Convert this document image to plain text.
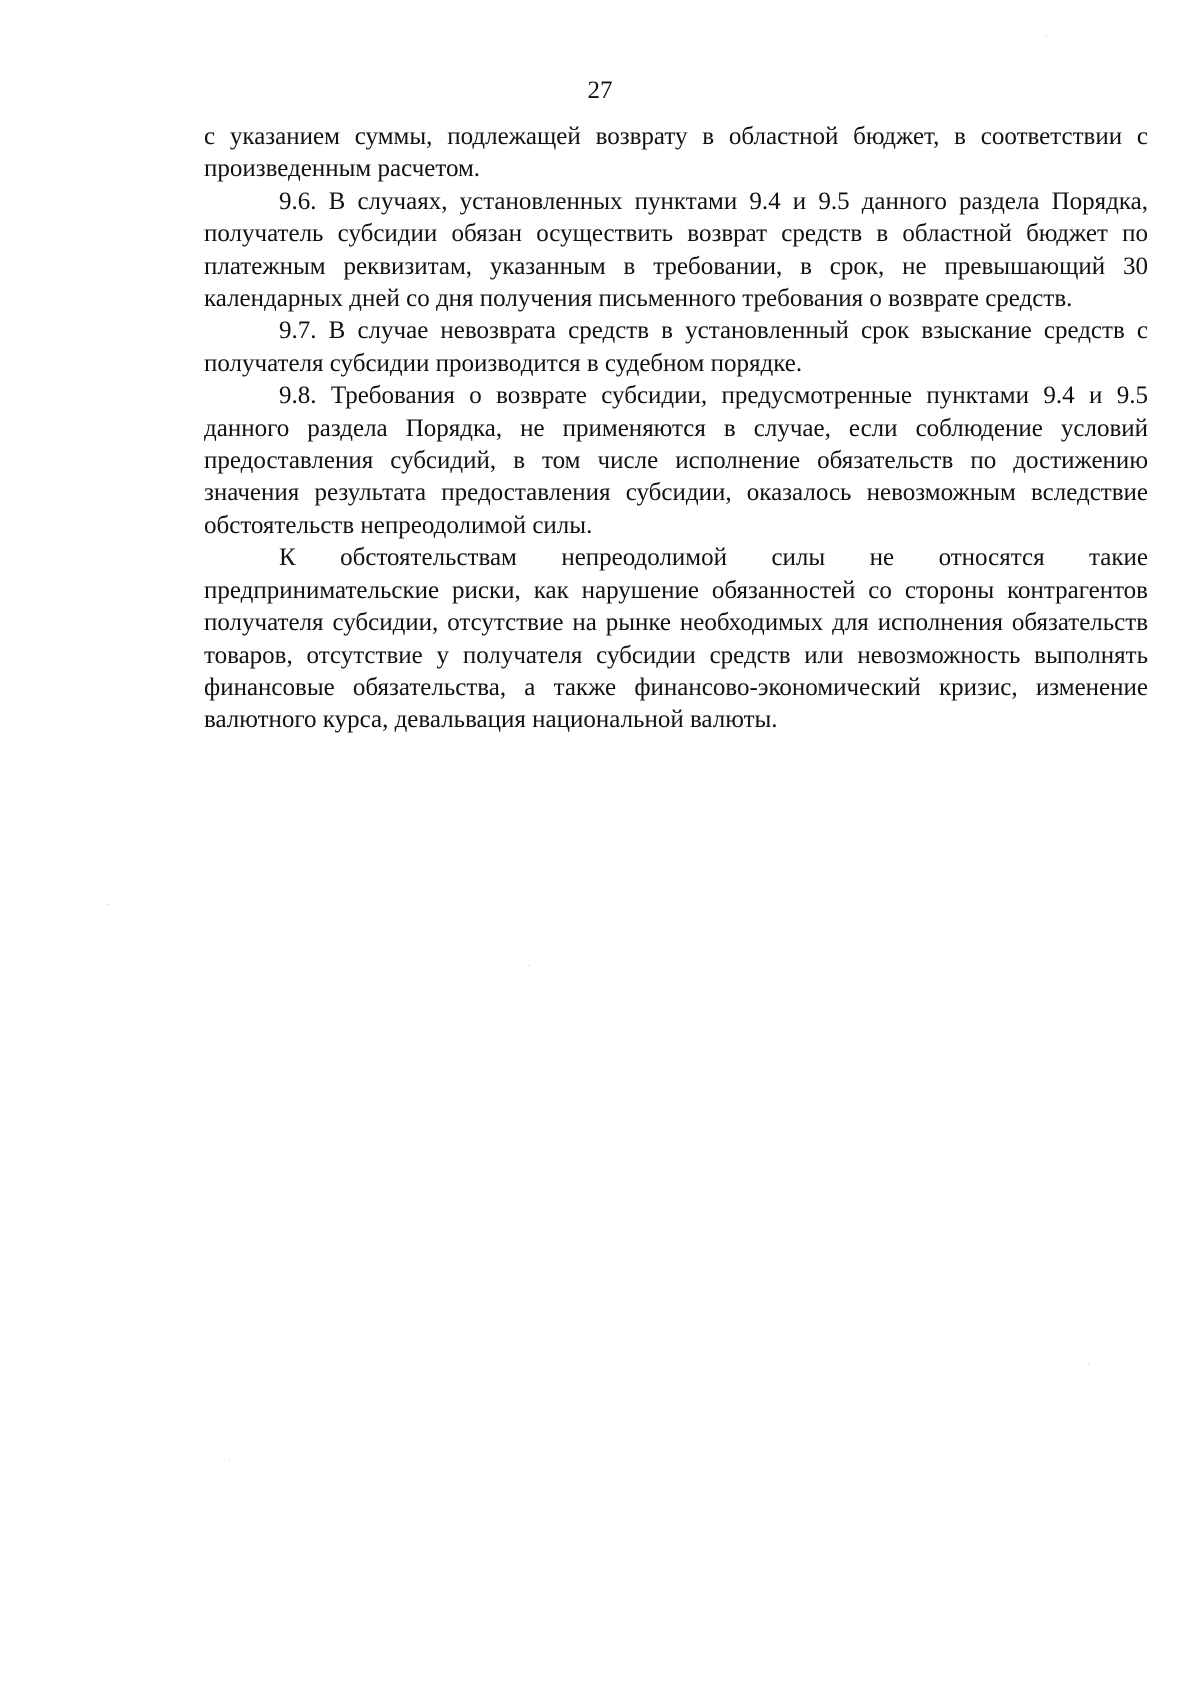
27

с указанием суммы, подлежащей возврату в областной бюджет, в соответствии с произведенным расчетом.

9.6. В случаях, установленных пунктами 9.4 и 9.5 данного раздела Порядка, получатель субсидии обязан осуществить возврат средств в областной бюджет по платежным реквизитам, указанным в требовании, в срок, не превышающий 30 календарных дней со дня получения письменного требования о возврате средств.

9.7. В случае невозврата средств в установленный срок взыскание средств с получателя субсидии производится в судебном порядке.

9.8. Требования о возврате субсидии, предусмотренные пунктами 9.4 и 9.5 данного раздела Порядка, не применяются в случае, если соблюдение условий предоставления субсидий, в том числе исполнение обязательств по достижению значения результата предоставления субсидии, оказалось невозможным вследствие обстоятельств непреодолимой силы.

К обстоятельствам непреодолимой силы не относятся такие предпринимательские риски, как нарушение обязанностей со стороны контрагентов получателя субсидии, отсутствие на рынке необходимых для исполнения обязательств товаров, отсутствие у получателя субсидии средств или невозможность выполнять финансовые обязательства, а также финансово-экономический кризис, изменение валютного курса, девальвация национальной валюты.
